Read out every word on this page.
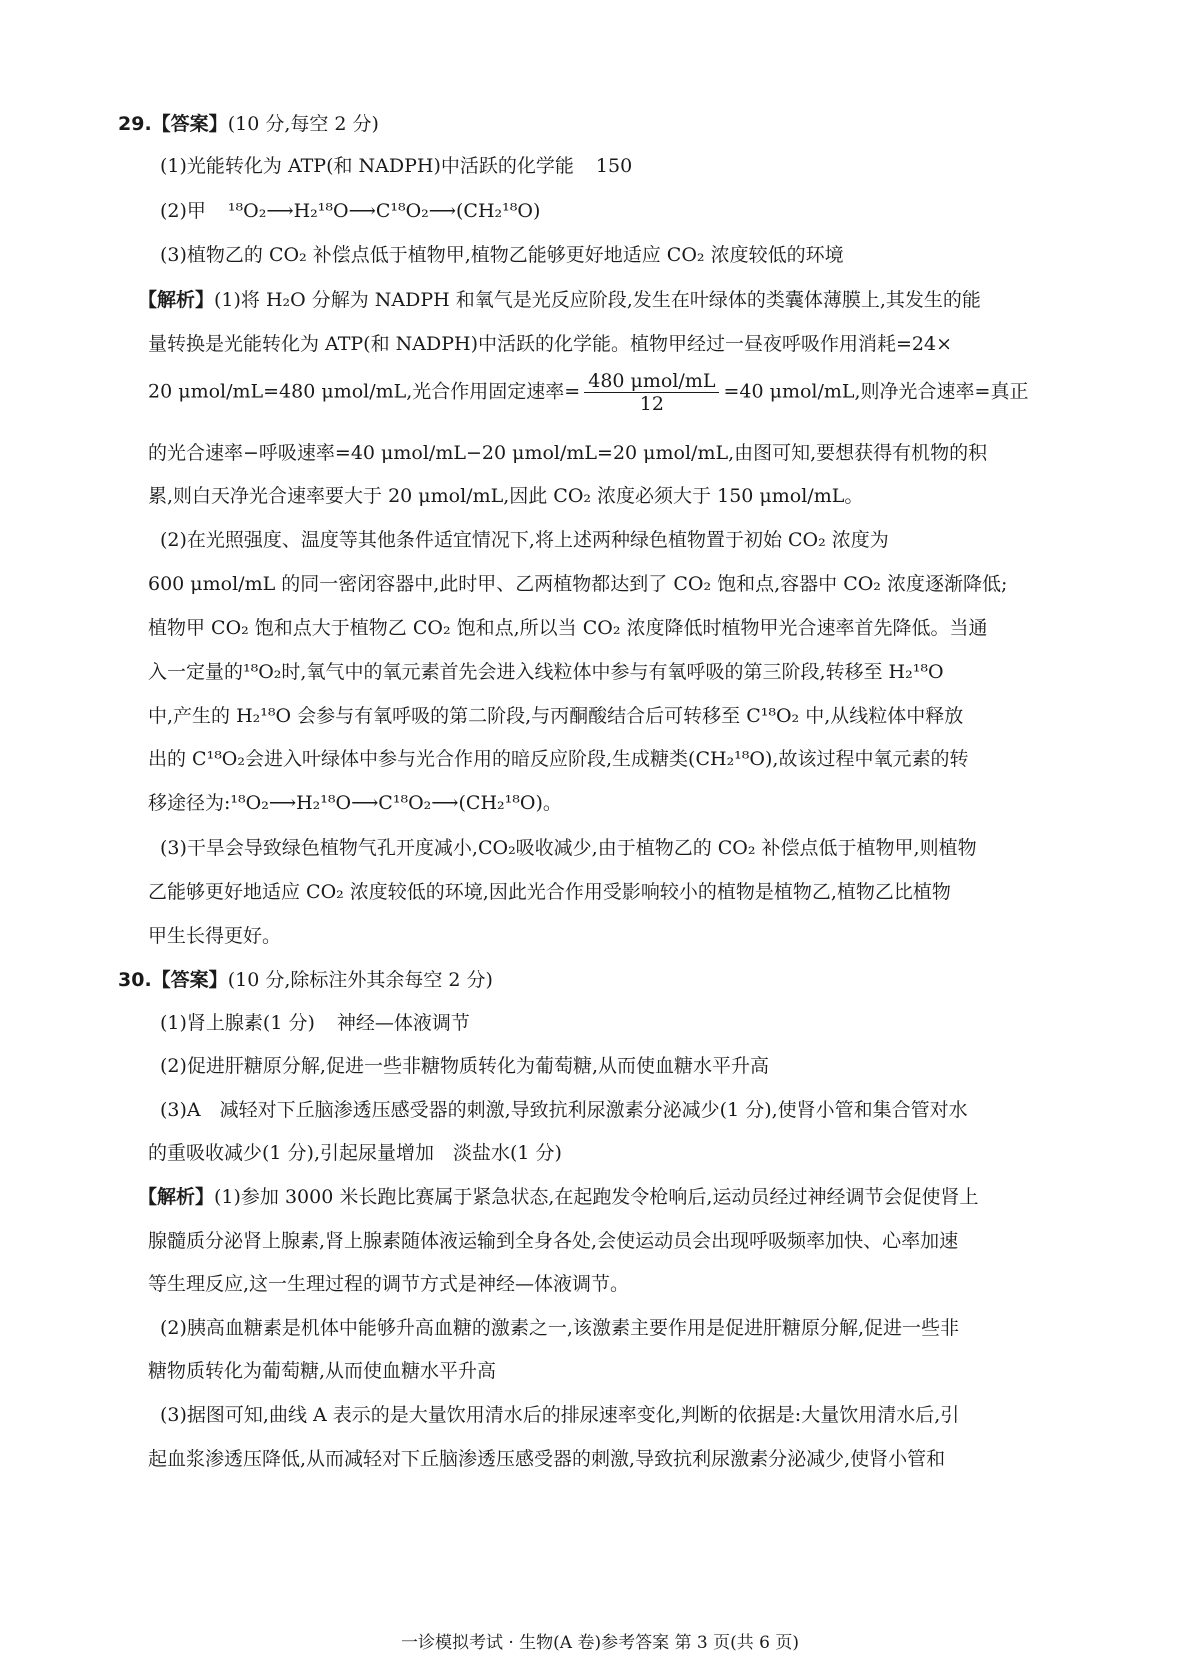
29.【答案】(10 分,每空 2 分)
(1)光能转化为 ATP(和 NADPH)中活跃的化学能 150
(2)甲 ¹⁸O₂⟶H₂¹⁸O⟶C¹⁸O₂⟶(CH₂¹⁸O)
(3)植物乙的 CO₂ 补偿点低于植物甲,植物乙能够更好地适应 CO₂ 浓度较低的环境
【解析】(1)将 H₂O 分解为 NADPH 和氧气是光反应阶段,发生在叶绿体的类囊体薄膜上,其发生的能
量转换是光能转化为 ATP(和 NADPH)中活跃的化学能。植物甲经过一昼夜呼吸作用消耗=24×
20 μmol/mL=480 μmol/mL,光合作用固定速率= $\frac{\text{480 μmol/mL}}{12} =40$ μmol/mL,则净光合速率=真正
的光合速率−呼吸速率=40 μmol/mL−20 μmol/mL=20 μmol/mL,由图可知,要想获得有机物的积
累,则白天净光合速率要大于 20 μmol/mL,因此 CO₂ 浓度必须大于 150 μmol/mL。
(2)在光照强度、温度等其他条件适宜情况下,将上述两种绿色植物置于初始 CO₂ 浓度为
600 μmol/mL 的同一密闭容器中,此时甲、乙两植物都达到了 CO₂ 饱和点,容器中 CO₂ 浓度逐渐降低;
植物甲 CO₂ 饱和点大于植物乙 CO₂ 饱和点,所以当 CO₂ 浓度降低时植物甲光合速率首先降低。当通
入一定量的¹⁸O₂时,氧气中的氧元素首先会进入线粒体中参与有氧呼吸的第三阶段,转移至 H₂¹⁸O
中,产生的 H₂¹⁸O 会参与有氧呼吸的第二阶段,与丙酮酸结合后可转移至 C¹⁸O₂ 中,从线粒体中释放
出的 C¹⁸O₂会进入叶绿体中参与光合作用的暗反应阶段,生成糖类(CH₂¹⁸O),故该过程中氧元素的转
移途径为:¹⁸O₂⟶H₂¹⁸O⟶C¹⁸O₂⟶(CH₂¹⁸O)。
(3)干旱会导致绿色植物气孔开度减小,CO₂吸收减少,由于植物乙的 CO₂ 补偿点低于植物甲,则植物
乙能够更好地适应 CO₂ 浓度较低的环境,因此光合作用受影响较小的植物是植物乙,植物乙比植物
甲生长得更好。
30.【答案】(10 分,除标注外其余每空 2 分)
(1)肾上腺素(1 分) 神经—体液调节
(2)促进肝糖原分解,促进一些非糖物质转化为葡萄糖,从而使血糖水平升高
(3)A　减轻对下丘脑渗透压感受器的刺激,导致抗利尿激素分泌减少(1 分),使肾小管和集合管对水
的重吸收减少(1 分),引起尿量增加　淡盐水(1 分)
【解析】(1)参加 3000 米长跑比赛属于紧急状态,在起跑发令枪响后,运动员经过神经调节会促使肾上
腺髓质分泌肾上腺素,肾上腺素随体液运输到全身各处,会使运动员会出现呼吸频率加快、心率加速
等生理反应,这一生理过程的调节方式是神经—体液调节。
(2)胰高血糖素是机体中能够升高血糖的激素之一,该激素主要作用是促进肝糖原分解,促进一些非
糖物质转化为葡萄糖,从而使血糖水平升高
(3)据图可知,曲线 A 表示的是大量饮用清水后的排尿速率变化,判断的依据是:大量饮用清水后,引
起血浆渗透压降低,从而减轻对下丘脑渗透压感受器的刺激,导致抗利尿激素分泌减少,使肾小管和
一诊模拟考试 · 生物(A 卷)参考答案 第 3 页(共 6 页)
